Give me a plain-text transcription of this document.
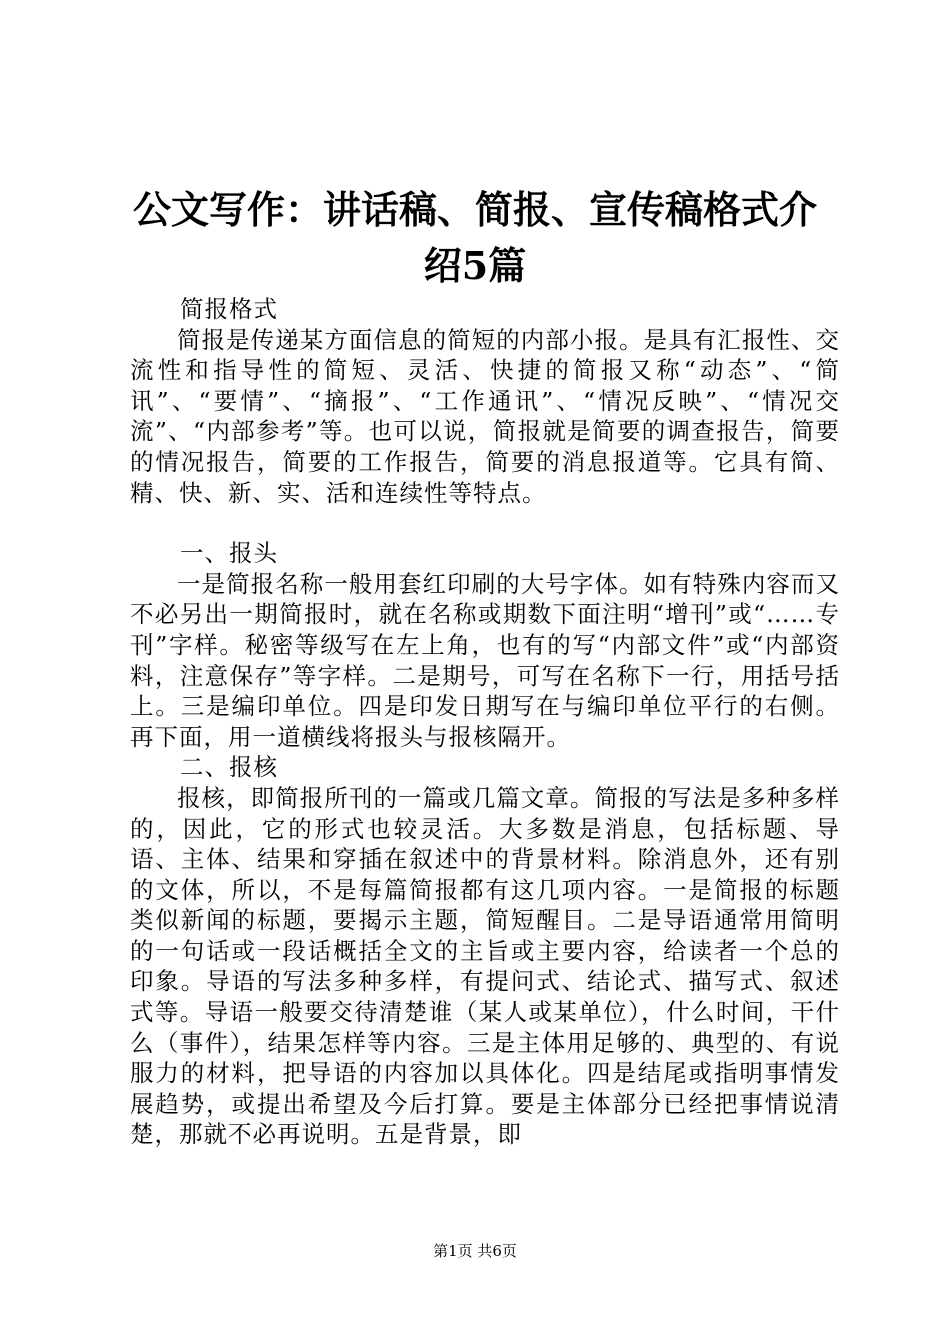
公文写作：讲话稿、简报、宣传稿格式介绍5篇

简报格式

简报是传递某方面信息的简短的内部小报。是具有汇报性、交流性和指导性的简短、灵活、快捷的简报又称“动态”、“简讯”、“要情”、“摘报”、“工作通讯”、“情况反映”、“情况交流”、“内部参考”等。也可以说，简报就是简要的调查报告，简要的情况报告，简要的工作报告，简要的消息报道等。它具有简、精、快、新、实、活和连续性等特点。

一、报头

一是简报名称一般用套红印刷的大号字体。如有特殊内容而又不必另出一期简报时，就在名称或期数下面注明“增刊”或“……专刊”字样。秘密等级写在左上角，也有的写“内部文件”或“内部资料，注意保存”等字样。二是期号，可写在名称下一行，用括号括上。三是编印单位。四是印发日期写在与编印单位平行的右侧。再下面，用一道横线将报头与报核隔开。

二、报核

报核，即简报所刊的一篇或几篇文章。简报的写法是多种多样的，因此，它的形式也较灵活。大多数是消息，包括标题、导语、主体、结果和穿插在叙述中的背景材料。除消息外，还有别的文体，所以，不是每篇简报都有这几项内容。一是简报的标题类似新闻的标题，要揭示主题，简短醒目。二是导语通常用简明的一句话或一段话概括全文的主旨或主要内容，给读者一个总的印象。导语的写法多种多样，有提问式、结论式、描写式、叙述式等。导语一般要交待清楚谁（某人或某单位），什么时间，干什么（事件），结果怎样等内容。三是主体用足够的、典型的、有说服力的材料，把导语的内容加以具体化。四是结尾或指明事情发展趋势，或提出希望及今后打算。要是主体部分已经把事情说清楚，那就不必再说明。五是背景，即

第1页 共6页
